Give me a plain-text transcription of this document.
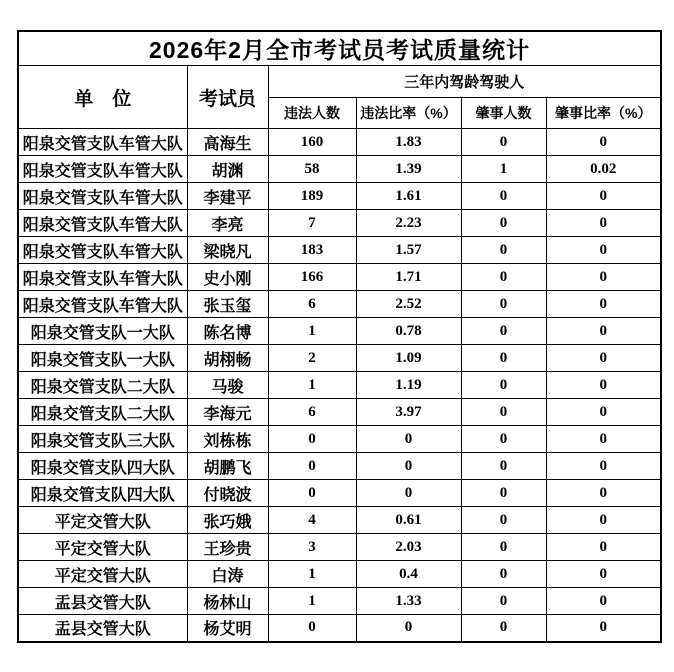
2026年2月全市考试员考试质量统计					
单　位	考试员	三年内驾龄驾驶人			
		违法人数	违法比率（%）	肇事人数	肇事比率（%）
阳泉交管支队车管大队	高海生	160	1.83	0	0
阳泉交管支队车管大队	胡渊	58	1.39	1	0.02
阳泉交管支队车管大队	李建平	189	1.61	0	0
阳泉交管支队车管大队	李亮	7	2.23	0	0
阳泉交管支队车管大队	梁晓凡	183	1.57	0	0
阳泉交管支队车管大队	史小刚	166	1.71	0	0
阳泉交管支队车管大队	张玉玺	6	2.52	0	0
阳泉交管支队一大队	陈名博	1	0.78	0	0
阳泉交管支队一大队	胡栩畅	2	1.09	0	0
阳泉交管支队二大队	马骏	1	1.19	0	0
阳泉交管支队二大队	李海元	6	3.97	0	0
阳泉交管支队三大队	刘栋栋	0	0	0	0
阳泉交管支队四大队	胡鹏飞	0	0	0	0
阳泉交管支队四大队	付晓波	0	0	0	0
平定交管大队	张巧娥	4	0.61	0	0
平定交管大队	王珍贵	3	2.03	0	0
平定交管大队	白涛	1	0.4	0	0
盂县交管大队	杨林山	1	1.33	0	0
盂县交管大队	杨艾明	0	0	0	0
